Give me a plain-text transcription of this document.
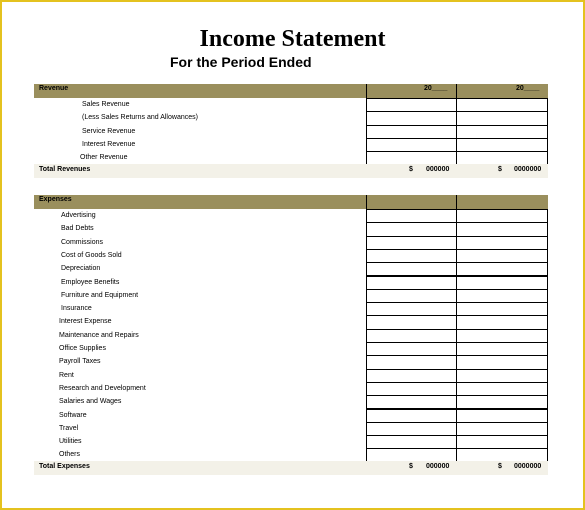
Income Statement
For the Period Ended
Revenue	20____	20____
Sales Revenue
(Less Sales Returns and Allowances)
Service Revenue
Interest Revenue
Other Revenue
Total Revenues	$ 000000	$ 0000000
Expenses
Advertising
Bad Debts
Commissions
Cost of Goods Sold
Depreciation
Employee Benefits
Furniture and Equipment
Insurance
Interest Expense
Maintenance and Repairs
Office Supplies
Payroll Taxes
Rent
Research and Development
Salaries and Wages
Software
Travel
Utilities
Others
Total Expenses	$ 000000	$ 0000000
